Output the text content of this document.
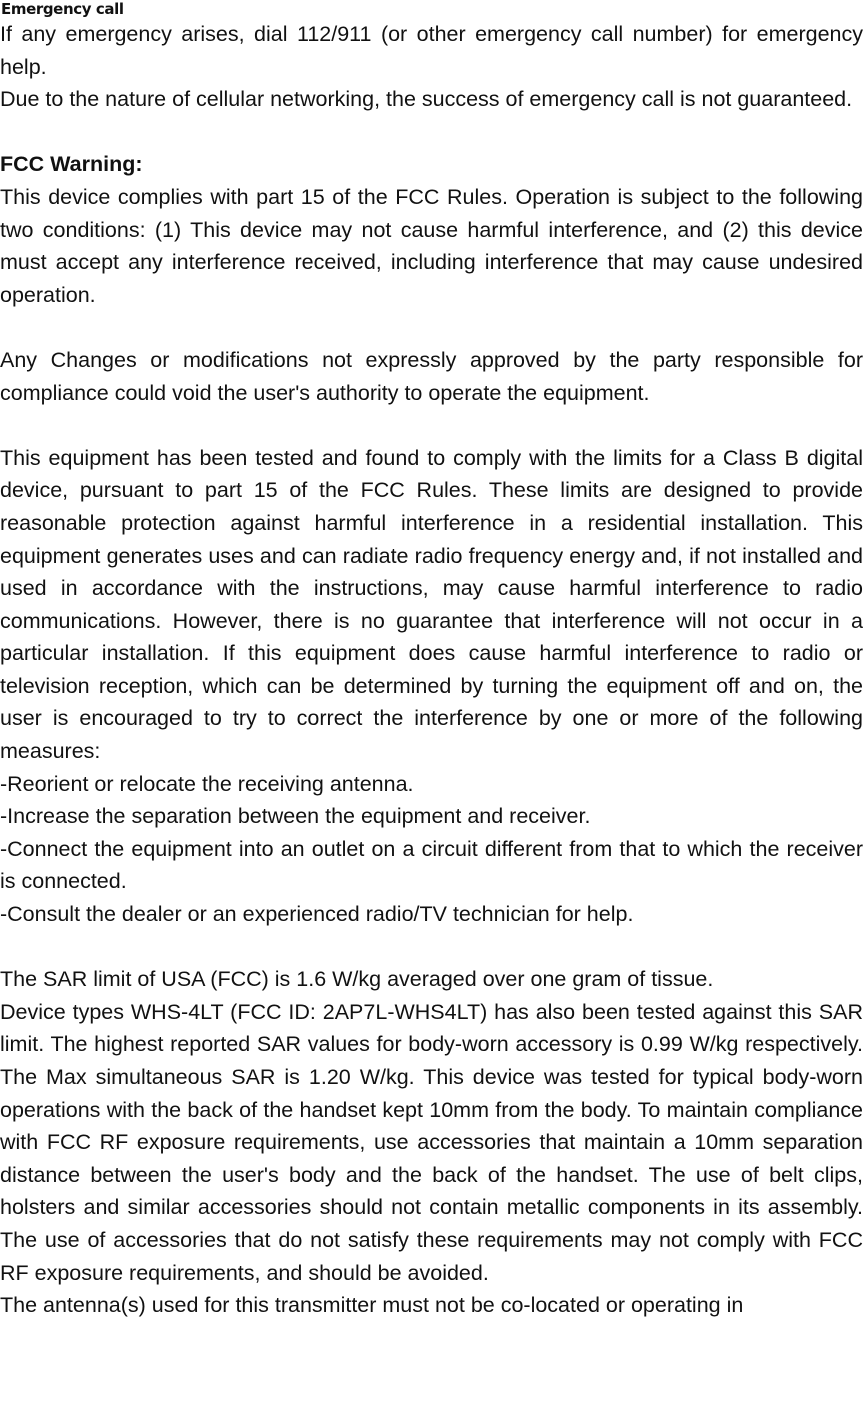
Emergency call

If any emergency arises, dial 112/911 (or other emergency call number) for emergency help.

Due to the nature of cellular networking, the success of emergency call is not guaranteed.

FCC Warning:

This device complies with part 15 of the FCC Rules. Operation is subject to the following two conditions: (1) This device may not cause harmful interference, and (2) this device must accept any interference received, including interference that may cause undesired operation.

Any Changes or modifications not expressly approved by the party responsible for compliance could void the user's authority to operate the equipment.

This equipment has been tested and found to comply with the limits for a Class B digital device, pursuant to part 15 of the FCC Rules. These limits are designed to provide reasonable protection against harmful interference in a residential installation. This equipment generates uses and can radiate radio frequency energy and, if not installed and used in accordance with the instructions, may cause harmful interference to radio communications. However, there is no guarantee that interference will not occur in a particular installation. If this equipment does cause harmful interference to radio or television reception, which can be determined by turning the equipment off and on, the user is encouraged to try to correct the interference by one or more of the following measures:

-Reorient or relocate the receiving antenna.

-Increase the separation between the equipment and receiver.

-Connect the equipment into an outlet on a circuit different from that to which the receiver is connected.

-Consult the dealer or an experienced radio/TV technician for help.

The SAR limit of USA (FCC) is 1.6 W/kg averaged over one gram of tissue.

Device types WHS-4LT (FCC ID: 2AP7L-WHS4LT) has also been tested against this SAR limit. The highest reported SAR values for body-worn accessory is 0.99 W/kg respectively. The Max simultaneous SAR is 1.20 W/kg. This device was tested for typical body-worn operations with the back of the handset kept 10mm from the body. To maintain compliance with FCC RF exposure requirements, use accessories that maintain a 10mm separation distance between the user's body and the back of the handset. The use of belt clips, holsters and similar accessories should not contain metallic components in its assembly. The use of accessories that do not satisfy these requirements may not comply with FCC RF exposure requirements, and should be avoided.

The antenna(s) used for this transmitter must not be co-located or operating in
